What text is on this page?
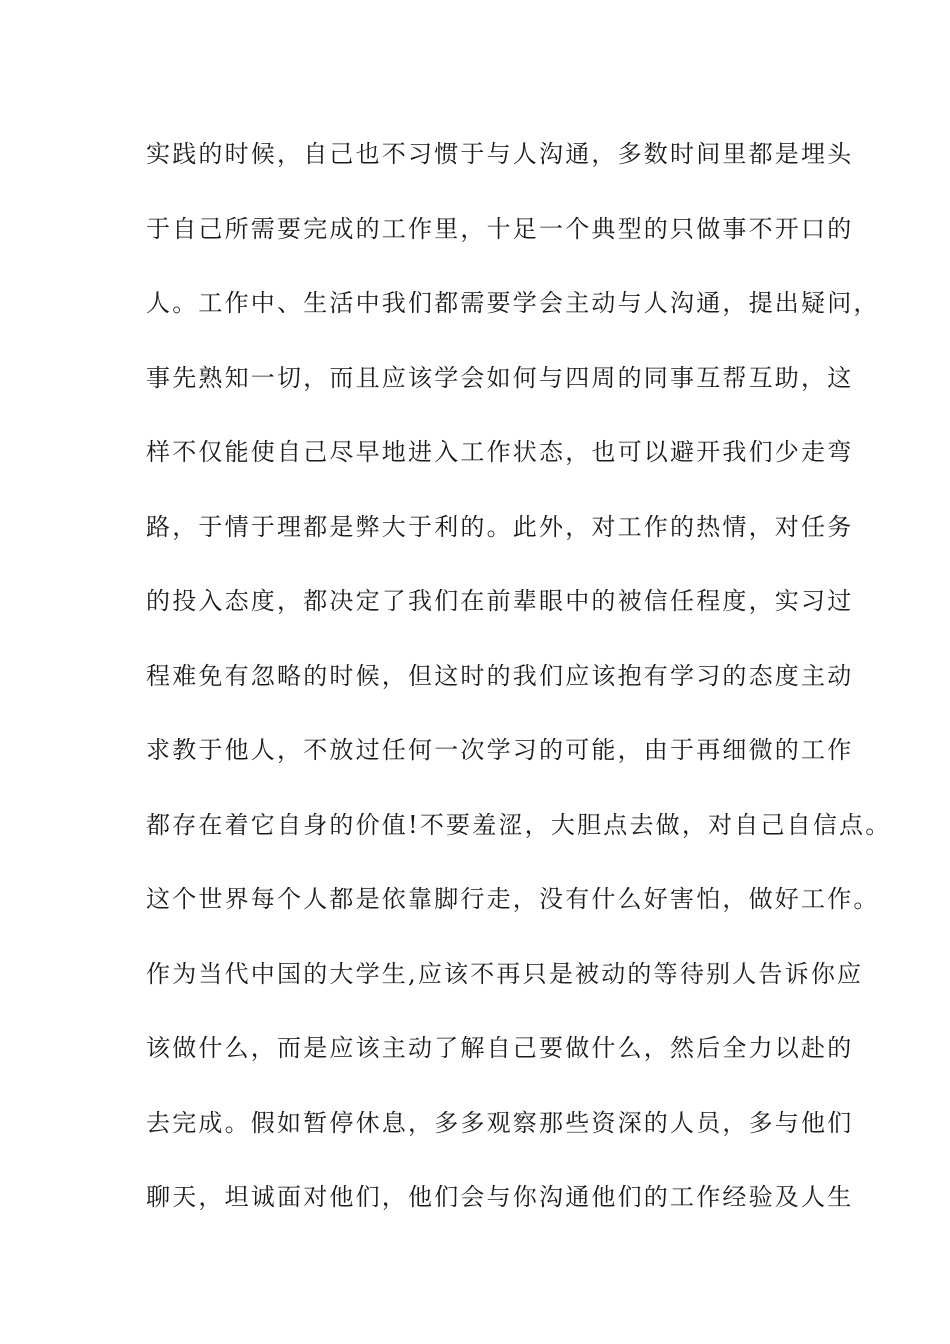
实践的时候，自己也不习惯于与人沟通，多数时间里都是埋头
于自己所需要完成的工作里，十足一个典型的只做事不开口的
人。工作中、生活中我们都需要学会主动与人沟通，提出疑问，
事先熟知一切，而且应该学会如何与四周的同事互帮互助，这
样不仅能使自己尽早地进入工作状态，也可以避开我们少走弯
路，于情于理都是弊大于利的。此外，对工作的热情，对任务
的投入态度，都决定了我们在前辈眼中的被信任程度，实习过
程难免有忽略的时候，但这时的我们应该抱有学习的态度主动
求教于他人，不放过任何一次学习的可能，由于再细微的工作
都存在着它自身的价值!不要羞涩，大胆点去做，对自己自信点。
这个世界每个人都是依靠脚行走，没有什么好害怕，做好工作。
作为当代中国的大学生,应该不再只是被动的等待别人告诉你应
该做什么，而是应该主动了解自己要做什么，然后全力以赴的
去完成。假如暂停休息，多多观察那些资深的人员，多与他们
聊天，坦诚面对他们，他们会与你沟通他们的工作经验及人生
